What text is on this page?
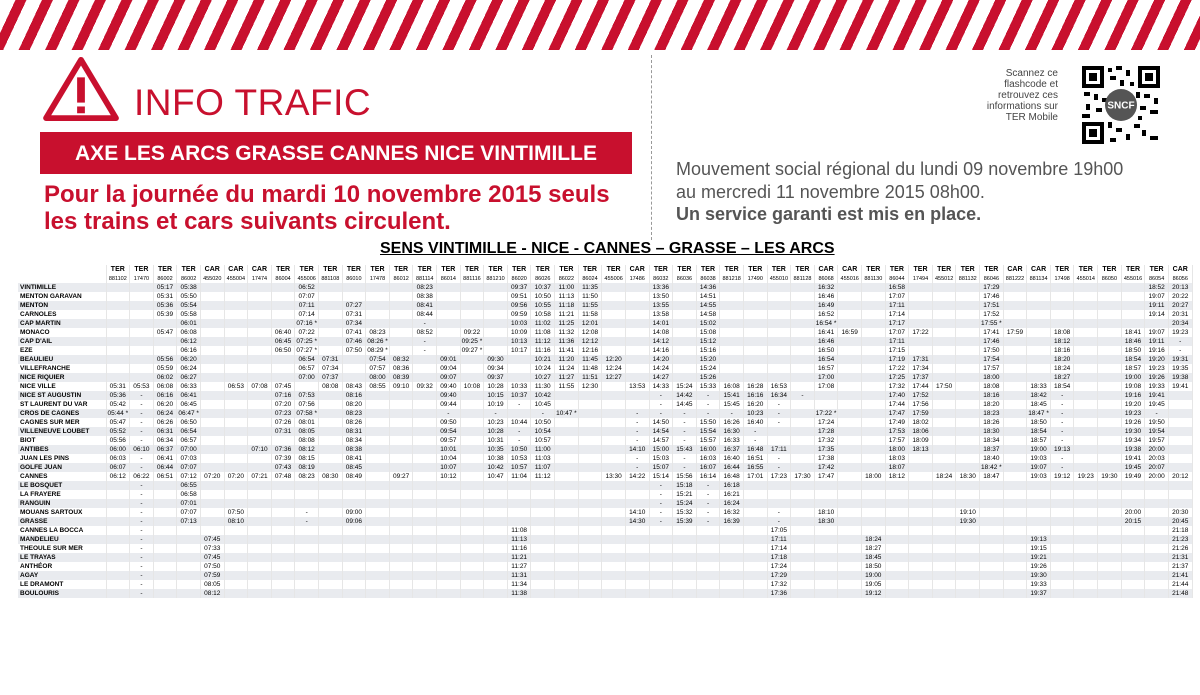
INFO TRAFIC
AXE LES ARCS GRASSE CANNES NICE VINTIMILLE
Pour la journée du mardi 10 novembre 2015 seuls
les trains et cars suivants circulent.
Mouvement social régional du lundi 09 novembre 19h00
au mercredi 11 novembre 2015 08h00.
Un service garanti est mis en place.
Scannez ce
flashcode et
retrouvez ces
informations sur
TER Mobile
SNCF
SENS VINTIMILLE - NICE - CANNES – GRASSE – LES ARCS
	TER	TER	TER	TER	CAR	CAR	CAR	TER	TER	TER	TER	TER	TER	TER	TER	TER	TER	TER	TER	TER	TER	TER	CAR	TER	TER	TER	TER	TER	TER	TER	CAR	CAR	TER	TER	TER	TER	TER	TER	CAR	CAR	TER	TER	TER	TER	TER	CAR
	881102	17470	86002	86002	455020	455004	17474	86004	455006	881108	86010	17478	86012	881114	86014	881116	881210	86020	86026	86022	86024	455006	17486	86032	86036	86038	881218	17490	455010	881128	86068	455016	881130	86044	17494	455012	881132	86046	881222	881134	17498	455014	86050	455016	86054	86056
VINTIMILLE			05:17	05:38					06:52					08:23				09:37	10:37	11:00	11:35			13:36		14:36					16:32			16:58				17:29							18:52	20:13
MENTON GARAVAN			05:31	05:50					07:07					08:38				09:51	10:50	11:13	11:50			13:50		14:51					16:46			17:07				17:46							19:07	20:22
MENTON			05:36	05:54					07:11		07:27			08:41				09:56	10:55	11:18	11:55			13:55		14:55					16:49			17:11				17:51							19:11	20:27
CARNOLES			05:39	05:58					07:14		07:31			08:44				09:59	10:58	11:21	11:58			13:58		14:58					16:52			17:14				17:52							19:14	20:31
CAP MARTIN				06:01					07:16 *		07:34			-				10:03	11:02	11:25	12:01			14:01		15:02					16:54 *			17:17				17:55 *								20:34
MONACO			05:47	06:08				06:40	07:22		07:41	08:23		08:52		09:22		10:09	11:08	11:32	12:08			14:08		15:08					16:41	16:59		17:07	17:22			17:41	17:59		18:08			18:41	19:07	19:23
CAP D'AIL				06:12				06:45	07:25 *		07:46	08:26 *		-		09:25 *		10:13	11:12	11:36	12:12			14:12		15:12					16:46			17:11				17:46			18:12			18:46	19:11	-
EZE				06:16				06:50	07:27 *		07:50	08:29 *		-		09:27 *		10:17	11:16	11:41	12:16			14:16		15:16					16:50			17:15				17:50			18:16			18:50	19:16	-
BEAULIEU			05:56	06:20					06:54	07:31		07:54	08:32		09:01		09:30		10:21	11:20	11:45	12:20		14:20		15:20					16:54			17:19	17:31			17:54			18:20			18:54	19:20	19:31
VILLEFRANCHE			05:59	06:24					06:57	07:34		07:57	08:36		09:04		09:34		10:24	11:24	11:48	12:24		14:24		15:24					16:57			17:22	17:34			17:57			18:24			18:57	19:23	19:35
NICE RIQUIER			06:02	06:27					07:00	07:37		08:00	08:39		09:07		09:37		10:27	11:27	11:51	12:27		14:27		15:26					17:00			17:25	17:37			18:00			18:27			19:00	19:26	19:38
NICE VILLE	05:31	05:53	06:08	06:33		06:53	07:08	07:45		08:08	08:43	08:55	09:10	09:32	09:40	10:08	10:28	10:33	11:30	11:55	12:30		13:53	14:33	15:24	15:33	16:08	16:28	16:53		17:08			17:32	17:44	17:50		18:08		18:33	18:54			19:08	19:33	19:41
NICE ST AUGUSTIN	05:36	-	06:16	06:41				07:16	07:53		08:16				09:40		10:15	10:37	10:42					-	14:42	-	15:41	16:16	16:34	-				17:40	17:52			18:16		18:42	-			19:16	19:41	
ST LAURENT DU VAR	05:42	-	06:20	06:45				07:20	07:56		08:20				09:44		10:19	-	10:45					-	14:45	-	15:45	16:20	-					17:44	17:56			18:20		18:45	-			19:20	19:45	
CROS DE CAGNES	05:44 *	-	06:24	06:47 *				07:23	07:58 *		08:23				-		-		-	10:47 *			-	-	-	-	-	10:23	-		17:22 *			17:47	17:59			18:23		18:47 *	-			19:23	-	
CAGNES SUR MER	05:47	-	06:26	06:50				07:26	08:01		08:26				09:50		10:23	10:44	10:50				-	14:50	-	15:50	16:26	16:40	-		17:24			17:49	18:02			18:26		18:50	-			19:26	19:50	
VILLENEUVE LOUBET	05:52	-	06:31	06:54				07:31	08:05		08:31				09:54		10:28	-	10:54				-	14:54	-	15:54	16:30	-			17:28			17:53	18:06			18:30		18:54	-			19:30	19:54	
BIOT	05:56	-	06:34	06:57					08:08		08:34				09:57		10:31	-	10:57				-	14:57	-	15:57	16:33	-			17:32			17:57	18:09			18:34		18:57	-			19:34	19:57	
ANTIBES	06:00	06:10	06:37	07:00			07:10	07:36	08:12		08:38				10:01		10:35	10:50	11:00				14:10	15:00	15:43	16:00	16:37	16:48	17:11		17:35			18:00	18:13			18:37		19:00	19:13			19:38	20:00	
JUAN LES PINS	06:03	-	06:41	07:03				07:39	08:15		08:41				10:04		10:38	10:53	11:03				-	15:03	-	16:03	16:40	16:51	-		17:38			18:03				18:40		19:03	-			19:41	20:03	
GOLFE JUAN	06:07	-	06:44	07:07				07:43	08:19		08:45				10:07		10:42	10:57	11:07				-	15:07	-	16:07	16:44	16:55	-		17:42			18:07				18:42 *		19:07	-			19:45	20:07	
CANNES	06:12	06:22	06:51	07:12	07:20	07:20	07:21	07:48	08:23	08:30	08:49		09:27		10:12		10:47	11:04	11:12			13:30	14:22	15:14	15:56	16:14	16:48	17:01	17:23	17:30	17:47		18:00	18:12		18:24	18:30	18:47		19:03	19:12	19:23	19:30	19:49	20:00	20:12
LE BOSQUET		-		06:55																				-	15:18	-	16:18																			
LA FRAYERE		-		06:58																				-	15:21	-	16:21																			
RANGUIN		-		07:01																				-	15:24	-	16:24																			
MOUANS SARTOUX		-		07:07		07:50			-		09:00												14:10	-	15:32	-	16:32		-		18:10						19:10							20:00		20:30
GRASSE		-		07:13		08:10			-		09:06												14:30	-	15:39	-	16:39		-		18:30						19:30							20:15		20:45
CANNES LA BOCCA		-																11:08											17:05																	21:18
MANDELIEU		-			07:45													11:13											17:11				18:24							19:13						21:23
THEOULE SUR MER		-			07:33													11:16											17:14				18:27							19:15						21:26
LE TRAYAS		-			07:45													11:21											17:18				18:45							19:21						21:31
ANTHÉOR		-			07:50													11:27											17:24				18:50							19:26						21:37
AGAY		-			07:59													11:31											17:29				19:00							19:30						21:41
LE DRAMONT		-			08:05													11:34											17:32				19:05							19:33						21:44
BOULOURIS		-			08:12													11:38											17:36				19:12							19:37						21:48
